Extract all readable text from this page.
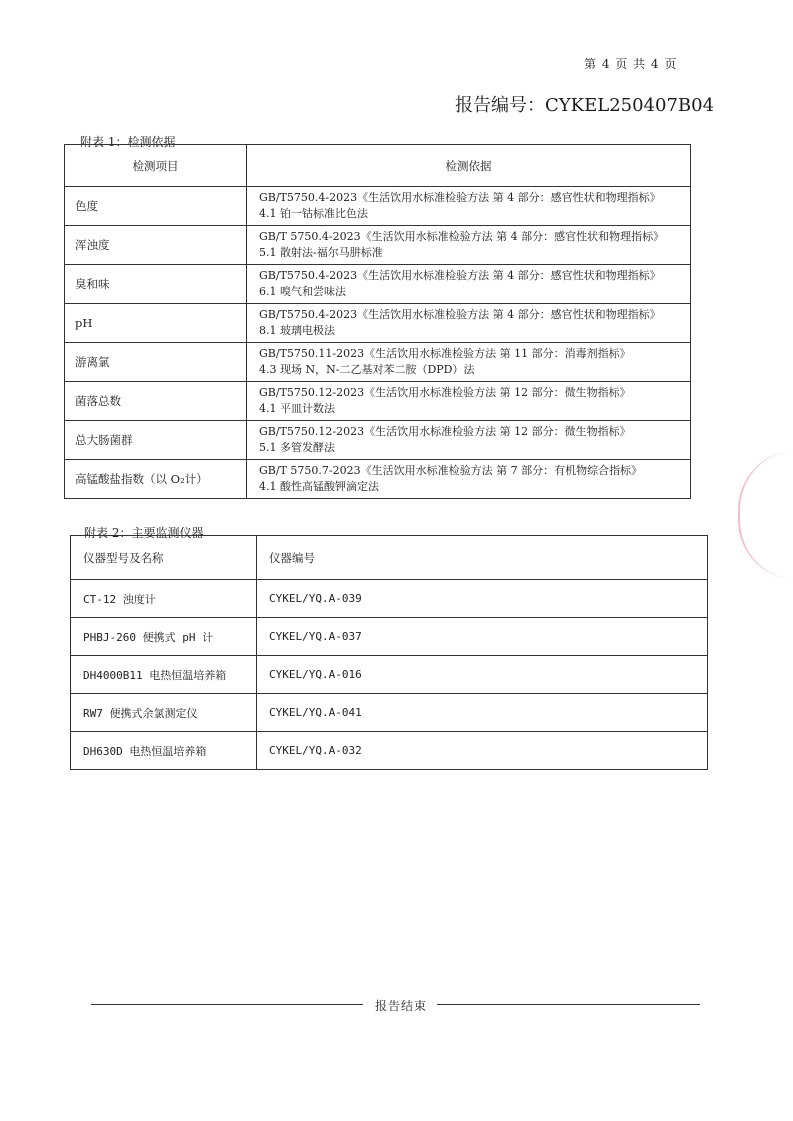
第 4 页 共 4 页
报告编号：CYKEL250407B04
附表 1：检测依据
检测项目	检测依据
色度	GB/T5750.4-2023《生活饮用水标准检验方法 第 4 部分：感官性状和物理指标》
4.1 铂一钴标准比色法

浑浊度	GB/T 5750.4-2023《生活饮用水标准检验方法 第 4 部分：感官性状和物理指标》
5.1 散射法-福尔马肼标准

臭和味	GB/T5750.4-2023《生活饮用水标准检验方法 第 4 部分：感官性状和物理指标》
6.1 嗅气和尝味法

pH	GB/T5750.4-2023《生活饮用水标准检验方法 第 4 部分：感官性状和物理指标》
8.1 玻璃电极法

游离氯	GB/T5750.11-2023《生活饮用水标准检验方法 第 11 部分：消毒剂指标》
4.3 现场 N，N-二乙基对苯二胺（DPD）法

菌落总数	GB/T5750.12-2023《生活饮用水标准检验方法 第 12 部分：微生物指标》
4.1 平皿计数法

总大肠菌群	GB/T5750.12-2023《生活饮用水标准检验方法 第 12 部分：微生物指标》
5.1 多管发酵法

高锰酸盐指数（以 O₂计）	GB/T 5750.7-2023《生活饮用水标准检验方法 第 7 部分：有机物综合指标》
4.1 酸性高锰酸钾滴定法
附表 2：主要监测仪器
仪器型号及名称	仪器编号
CT-12 浊度计	CYKEL/YQ.A-039
PHBJ-260 便携式 pH 计	CYKEL/YQ.A-037
DH4000B11 电热恒温培养箱	CYKEL/YQ.A-016
RW7 便携式余氯测定仪	CYKEL/YQ.A-041
DH630D 电热恒温培养箱	CYKEL/YQ.A-032
报告结束
